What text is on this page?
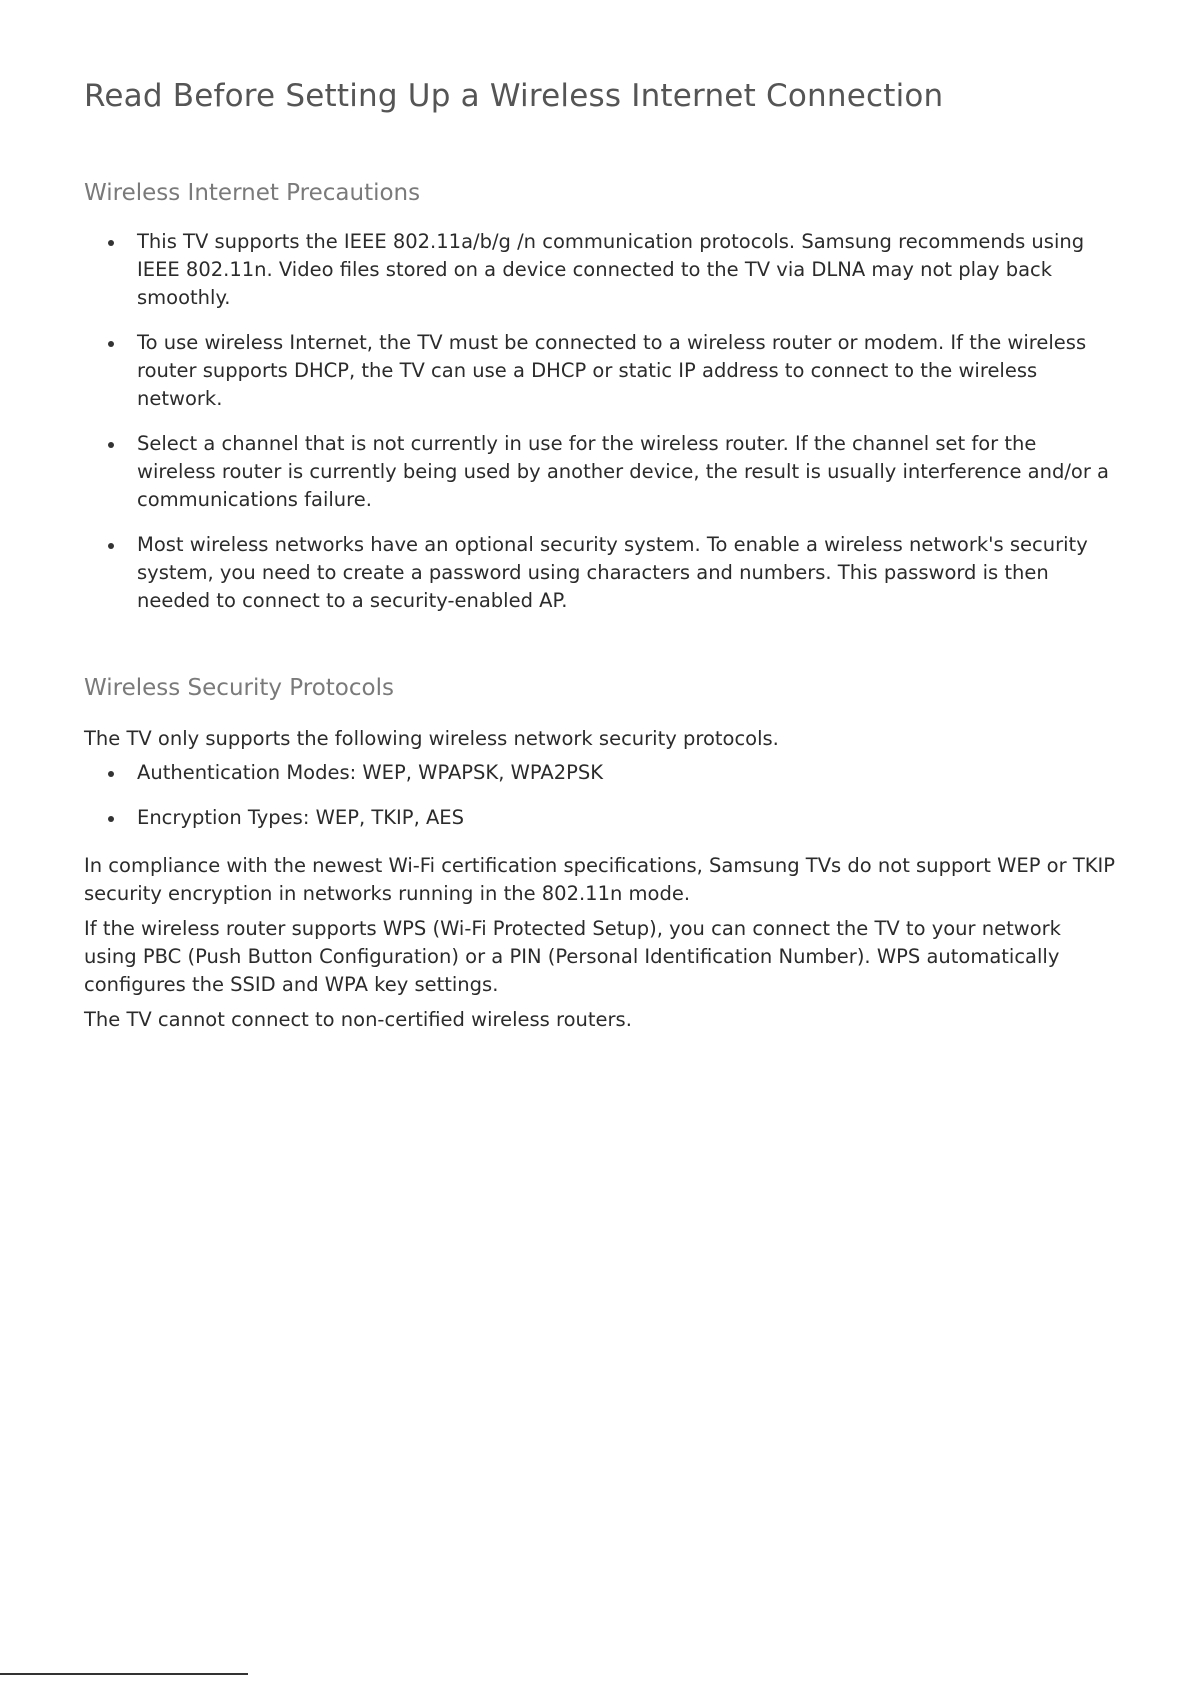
Read Before Setting Up a Wireless Internet Connection
Wireless Internet Precautions
This TV supports the IEEE 802.11a/b/g /n communication protocols. Samsung recommends using IEEE 802.11n. Video files stored on a device connected to the TV via DLNA may not play back smoothly.
To use wireless Internet, the TV must be connected to a wireless router or modem. If the wireless router supports DHCP, the TV can use a DHCP or static IP address to connect to the wireless network.
Select a channel that is not currently in use for the wireless router. If the channel set for the wireless router is currently being used by another device, the result is usually interference and/or a communications failure.
Most wireless networks have an optional security system. To enable a wireless network's security system, you need to create a password using characters and numbers. This password is then needed to connect to a security-enabled AP.
Wireless Security Protocols

The TV only supports the following wireless network security protocols.

Authentication Modes: WEP, WPAPSK, WPA2PSK
Encryption Types: WEP, TKIP, AES

In compliance with the newest Wi-Fi certification specifications, Samsung TVs do not support WEP or TKIP security encryption in networks running in the 802.11n mode.

If the wireless router supports WPS (Wi-Fi Protected Setup), you can connect the TV to your network using PBC (Push Button Configuration) or a PIN (Personal Identification Number). WPS automatically configures the SSID and WPA key settings.

The TV cannot connect to non-certified wireless routers.
